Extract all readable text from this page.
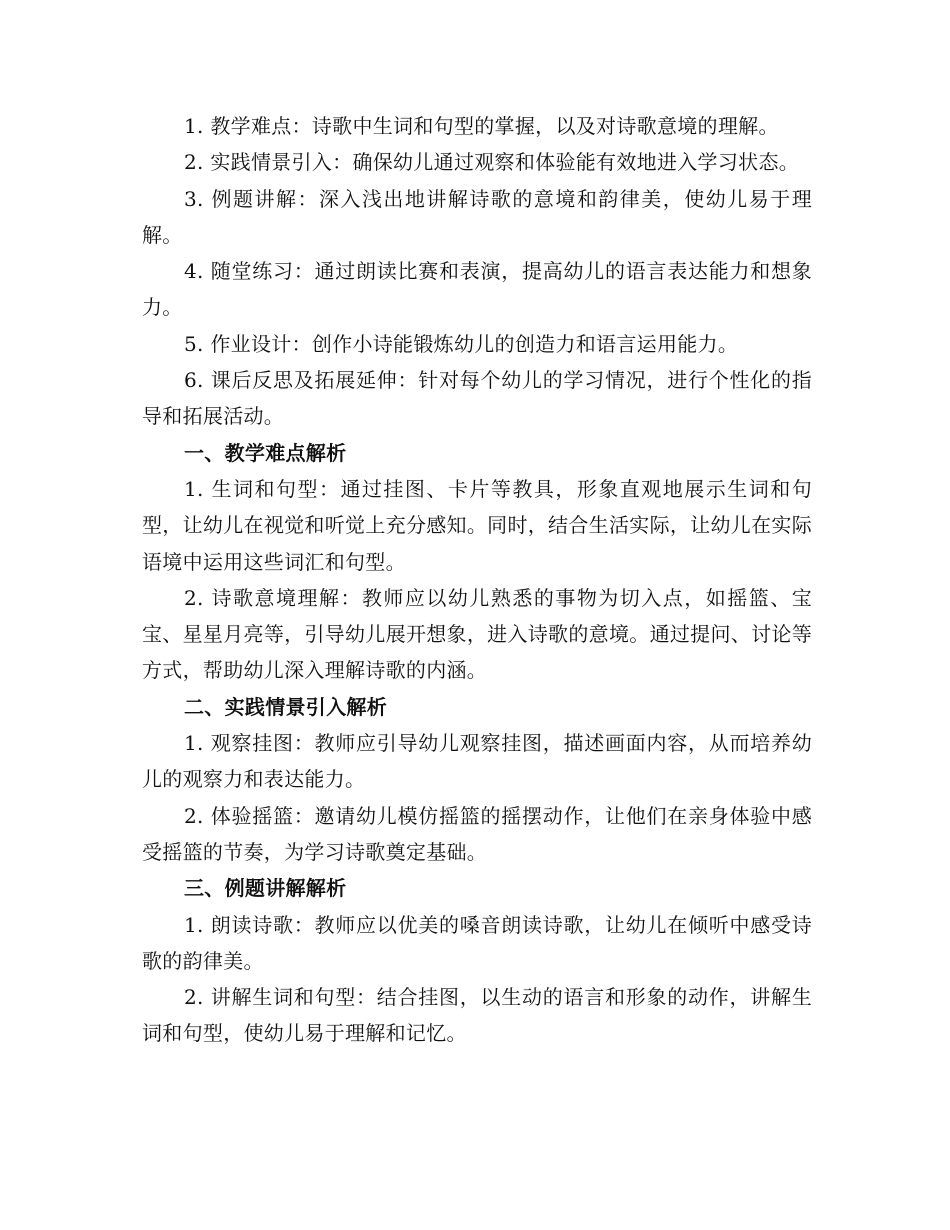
1. 教学难点：诗歌中生词和句型的掌握，以及对诗歌意境的理解。

2. 实践情景引入：确保幼儿通过观察和体验能有效地进入学习状态。

3. 例题讲解：深入浅出地讲解诗歌的意境和韵律美，使幼儿易于理解。

4. 随堂练习：通过朗读比赛和表演，提高幼儿的语言表达能力和想象力。

5. 作业设计：创作小诗能锻炼幼儿的创造力和语言运用能力。

6. 课后反思及拓展延伸：针对每个幼儿的学习情况，进行个性化的指导和拓展活动。

一、教学难点解析

1. 生词和句型：通过挂图、卡片等教具，形象直观地展示生词和句型，让幼儿在视觉和听觉上充分感知。同时，结合生活实际，让幼儿在实际语境中运用这些词汇和句型。

2. 诗歌意境理解：教师应以幼儿熟悉的事物为切入点，如摇篮、宝宝、星星月亮等，引导幼儿展开想象，进入诗歌的意境。通过提问、讨论等方式，帮助幼儿深入理解诗歌的内涵。

二、实践情景引入解析

1. 观察挂图：教师应引导幼儿观察挂图，描述画面内容，从而培养幼儿的观察力和表达能力。

2. 体验摇篮：邀请幼儿模仿摇篮的摇摆动作，让他们在亲身体验中感受摇篮的节奏，为学习诗歌奠定基础。

三、例题讲解解析

1. 朗读诗歌：教师应以优美的嗓音朗读诗歌，让幼儿在倾听中感受诗歌的韵律美。

2. 讲解生词和句型：结合挂图，以生动的语言和形象的动作，讲解生词和句型，使幼儿易于理解和记忆。
